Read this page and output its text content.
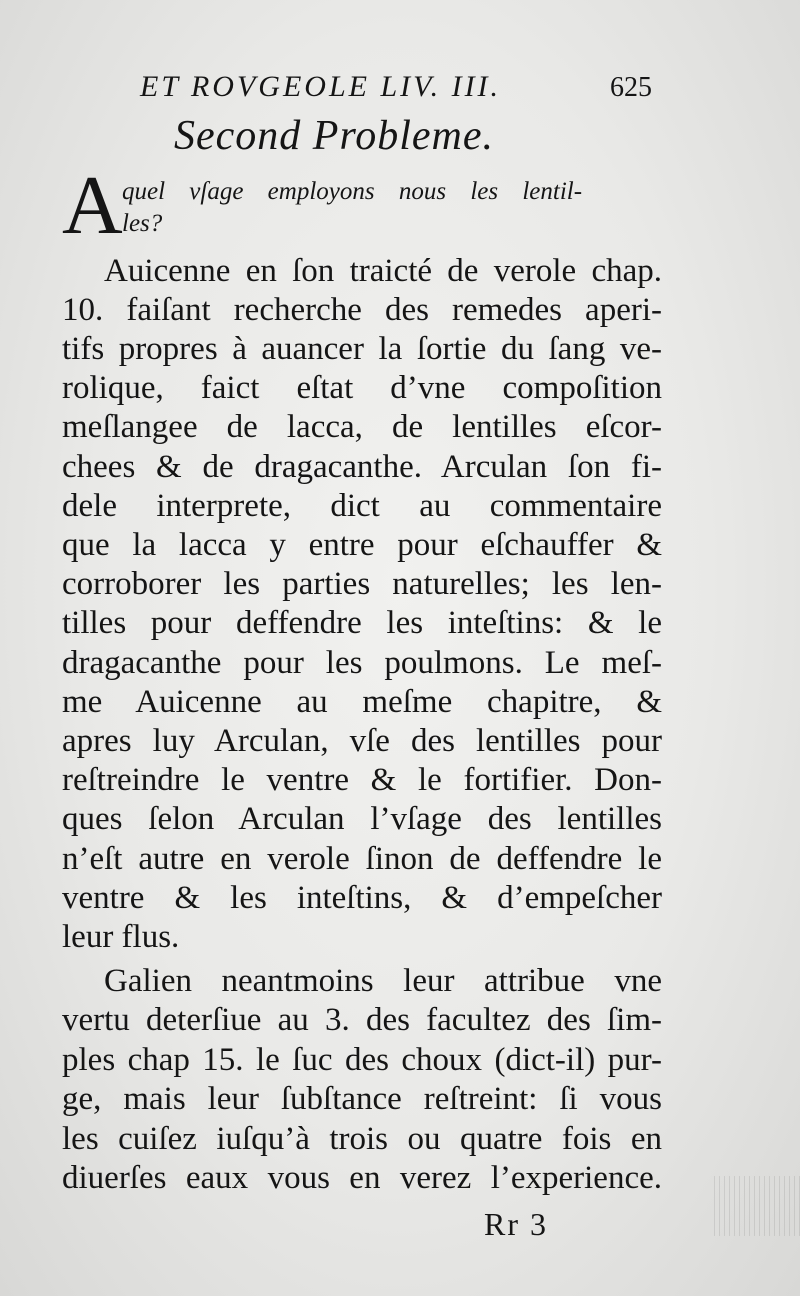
ET ROVGEOLE LIV. III.	625
Second Probleme.
A quel vſage employons nous les lentil-
les?
Auicenne en ſon traicté de verole chap.
10. faiſant recherche des remedes aperi-
tifs propres à auancer la ſortie du ſang ve-
rolique, faict eſtat d’vne compoſition
meſlangee de lacca, de lentilles eſcor-
chees & de dragacanthe. Arculan ſon fi-
dele interprete, dict au commentaire
que la lacca y entre pour eſchauffer &
corroborer les parties naturelles; les len-
tilles pour deffendre les inteſtins: & le
dragacanthe pour les poulmons. Le meſ-
me Auicenne au meſme chapitre, &
apres luy Arculan, vſe des lentilles pour
reſtreindre le ventre & le fortifier. Don-
ques ſelon Arculan l’vſage des lentilles
n’eſt autre en verole ſinon de deffendre le
ventre & les inteſtins, & d’empeſcher
leur flus.
Galien neantmoins leur attribue vne
vertu deterſiue au 3. des facultez des ſim-
ples chap 15. le ſuc des choux (dict-il) pur-
ge, mais leur ſubſtance reſtreint: ſi vous
les cuiſez iuſqu’à trois ou quatre fois en
diuerſes eaux vous en verez l’experience.
Rr 3
